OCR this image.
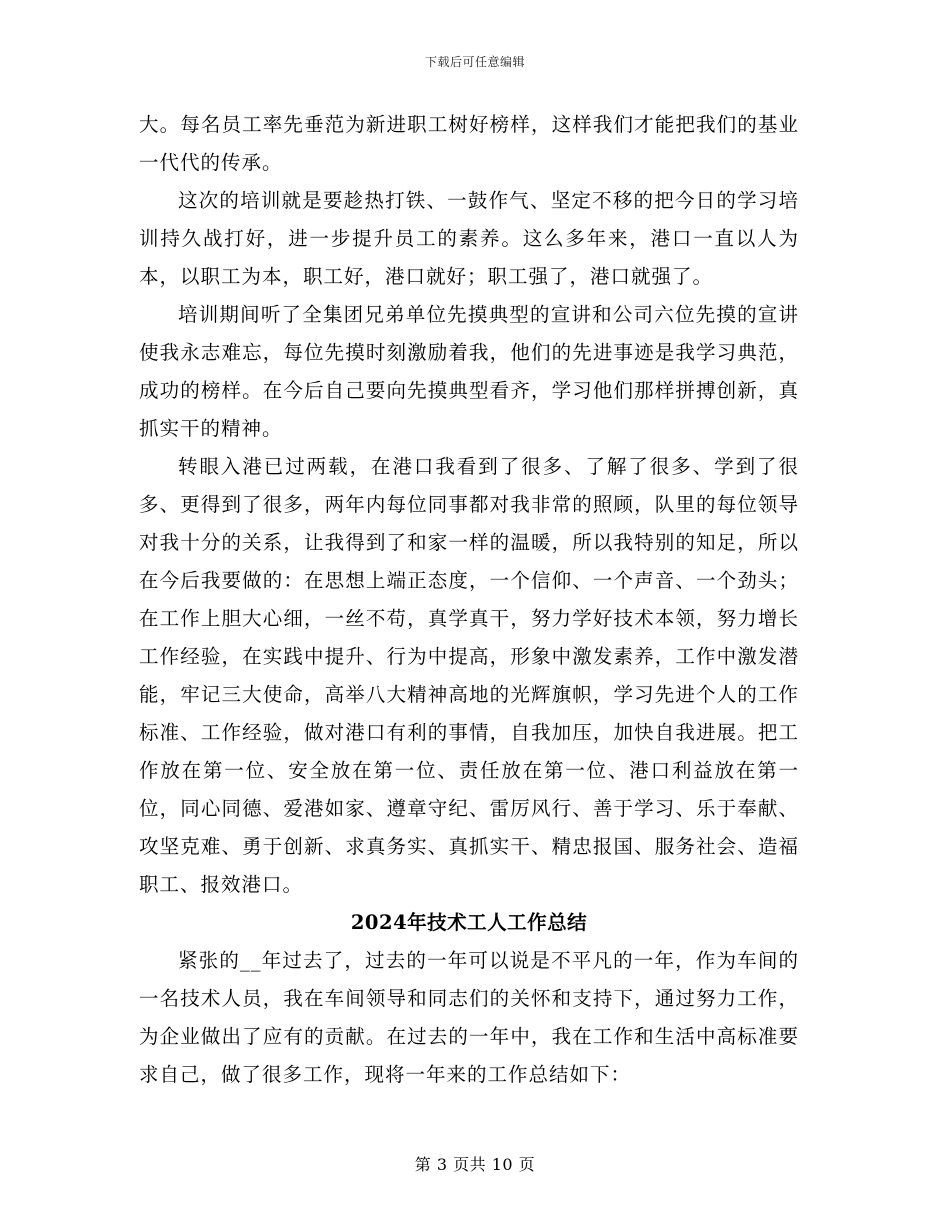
下载后可任意编辑

大。每名员工率先垂范为新进职工树好榜样，这样我们才能把我们的基业一代代的传承。

这次的培训就是要趁热打铁、一鼓作气、坚定不移的把今日的学习培训持久战打好，进一步提升员工的素养。这么多年来，港口一直以人为本，以职工为本，职工好，港口就好；职工强了，港口就强了。

培训期间听了全集团兄弟单位先摸典型的宣讲和公司六位先摸的宣讲使我永志难忘，每位先摸时刻激励着我，他们的先进事迹是我学习典范，成功的榜样。在今后自己要向先摸典型看齐，学习他们那样拼搏创新，真抓实干的精神。

转眼入港已过两载，在港口我看到了很多、了解了很多、学到了很多、更得到了很多，两年内每位同事都对我非常的照顾，队里的每位领导对我十分的关系，让我得到了和家一样的温暖，所以我特别的知足，所以在今后我要做的：在思想上端正态度，一个信仰、一个声音、一个劲头；在工作上胆大心细，一丝不苟，真学真干，努力学好技术本领，努力增长工作经验，在实践中提升、行为中提高，形象中激发素养，工作中激发潜能，牢记三大使命，高举八大精神高地的光辉旗帜，学习先进个人的工作标准、工作经验，做对港口有利的事情，自我加压，加快自我进展。把工作放在第一位、安全放在第一位、责任放在第一位、港口利益放在第一位，同心同德、爱港如家、遵章守纪、雷厉风行、善于学习、乐于奉献、攻坚克难、勇于创新、求真务实、真抓实干、精忠报国、服务社会、造福职工、报效港口。

2024年技术工人工作总结

紧张的__年过去了，过去的一年可以说是不平凡的一年，作为车间的一名技术人员，我在车间领导和同志们的关怀和支持下，通过努力工作，为企业做出了应有的贡献。在过去的一年中，我在工作和生活中高标准要求自己，做了很多工作，现将一年来的工作总结如下：

第 3 页共 10 页
